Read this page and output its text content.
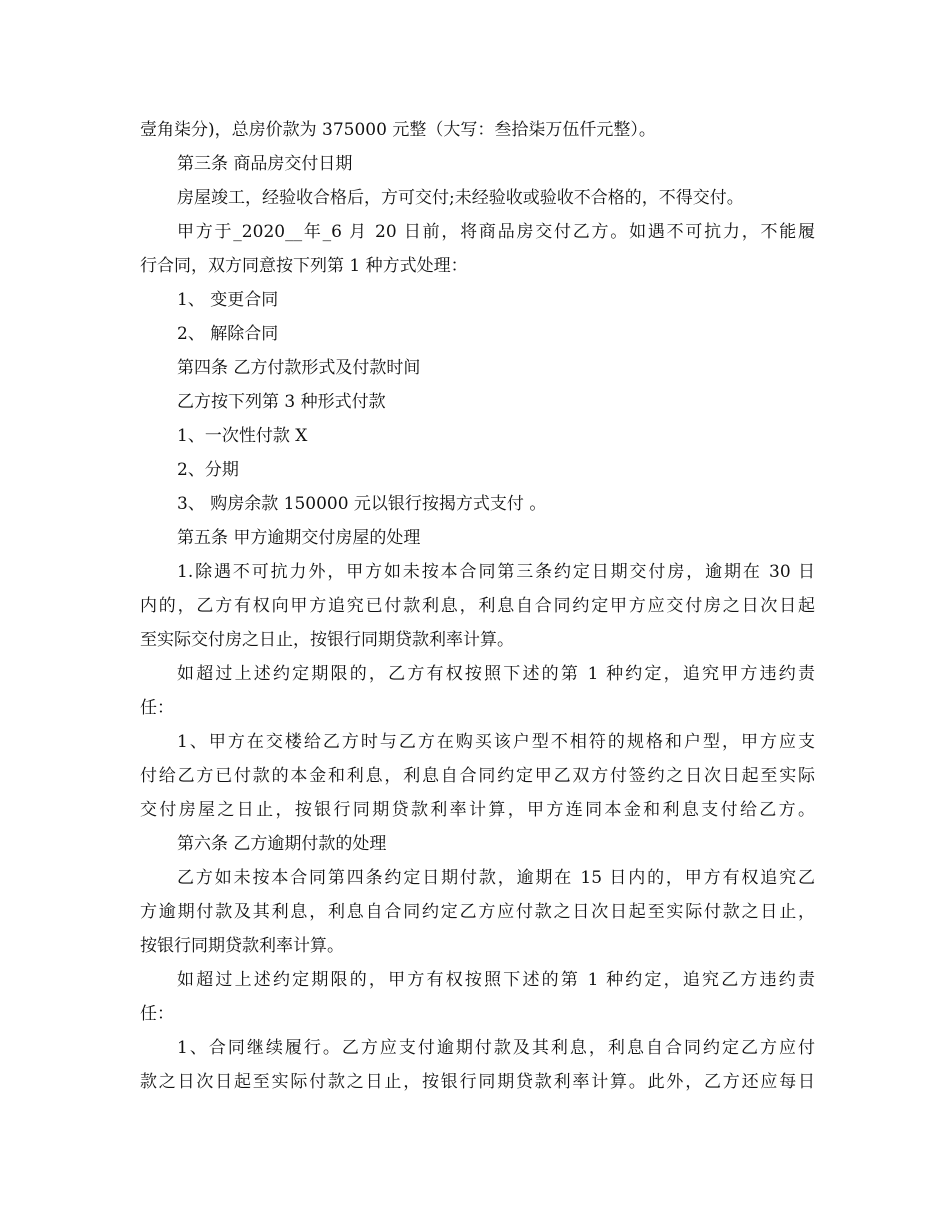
壹角柒分)，总房价款为 375000 元整（大写：叁拾柒万伍仟元整）。
第三条 商品房交付日期
房屋竣工，经验收合格后，方可交付;未经验收或验收不合格的，不得交付。
甲方于_2020__年_6 月 20 日前，将商品房交付乙方。如遇不可抗力，不能履
行合同，双方同意按下列第 1 种方式处理：
1、 变更合同
2、 解除合同
第四条 乙方付款形式及付款时间
乙方按下列第 3 种形式付款
1、一次性付款 X
2、分期
3、 购房余款 150000 元以银行按揭方式支付 。
第五条 甲方逾期交付房屋的处理
1.除遇不可抗力外，甲方如未按本合同第三条约定日期交付房，逾期在 30 日
内的，乙方有权向甲方追究已付款利息，利息自合同约定甲方应交付房之日次日起
至实际交付房之日止，按银行同期贷款利率计算。
如超过上述约定期限的，乙方有权按照下述的第 1 种约定，追究甲方违约责
任：
1、甲方在交楼给乙方时与乙方在购买该户型不相符的规格和户型，甲方应支
付给乙方已付款的本金和利息，利息自合同约定甲乙双方付签约之日次日起至实际
交付房屋之日止，按银行同期贷款利率计算，甲方连同本金和利息支付给乙方。
第六条 乙方逾期付款的处理
乙方如未按本合同第四条约定日期付款，逾期在 15 日内的，甲方有权追究乙
方逾期付款及其利息，利息自合同约定乙方应付款之日次日起至实际付款之日止，
按银行同期贷款利率计算。
如超过上述约定期限的，甲方有权按照下述的第 1 种约定，追究乙方违约责
任：
1、合同继续履行。乙方应支付逾期付款及其利息，利息自合同约定乙方应付
款之日次日起至实际付款之日止，按银行同期贷款利率计算。此外，乙方还应每日
